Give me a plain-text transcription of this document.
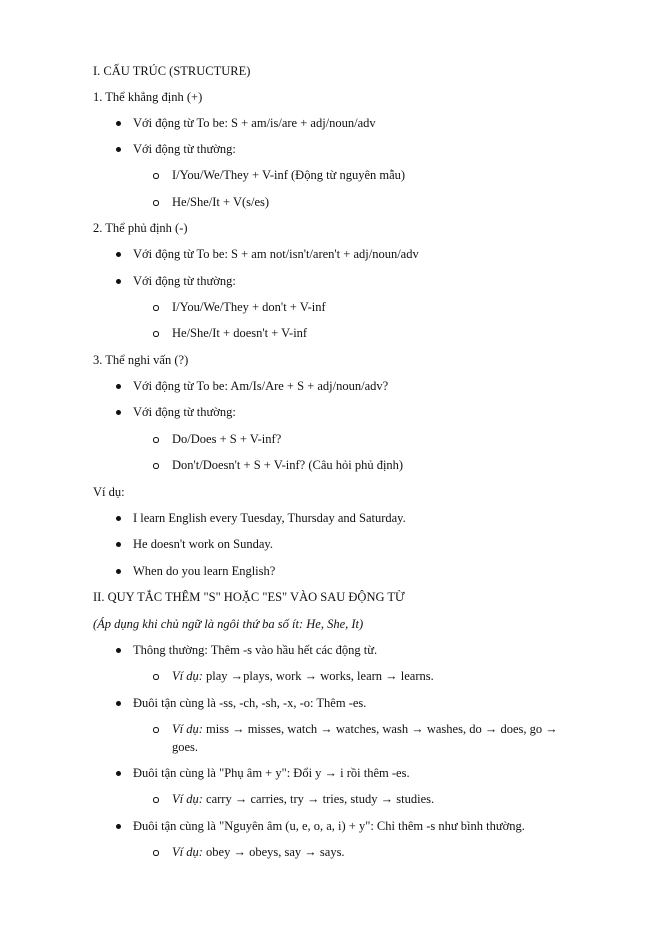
I. CẤU TRÚC (STRUCTURE)
1. Thể khẳng định (+)
Với động từ To be: S + am/is/are + adj/noun/adv
Với động từ thường:
I/You/We/They + V-inf (Động từ nguyên mẫu)
He/She/It + V(s/es)
2. Thể phủ định (-)
Với động từ To be: S + am not/isn't/aren't + adj/noun/adv
Với động từ thường:
I/You/We/They + don't + V-inf
He/She/It + doesn't + V-inf
3. Thể nghi vấn (?)
Với động từ To be: Am/Is/Are + S + adj/noun/adv?
Với động từ thường:
Do/Does + S + V-inf?
Don't/Doesn't + S + V-inf? (Câu hỏi phủ định)
Ví dụ:
I learn English every Tuesday, Thursday and Saturday.
He doesn't work on Sunday.
When do you learn English?
II. QUY TẮC THÊM "S" HOẶC "ES" VÀO SAU ĐỘNG TỪ
(Áp dụng khi chủ ngữ là ngôi thứ ba số ít: He, She, It)
Thông thường: Thêm -s vào hầu hết các động từ.
Ví dụ: play →plays, work → works, learn → learns.
Đuôi tận cùng là -ss, -ch, -sh, -x, -o: Thêm -es.
Ví dụ: miss → misses, watch → watches, wash → washes, do → does, go →
goes.
Đuôi tận cùng là "Phụ âm + y": Đổi y → i rồi thêm -es.
Ví dụ: carry → carries, try → tries, study → studies.
Đuôi tận cùng là "Nguyên âm (u, e, o, a, i) + y": Chỉ thêm -s như bình thường.
Ví dụ: obey → obeys, say → says.
